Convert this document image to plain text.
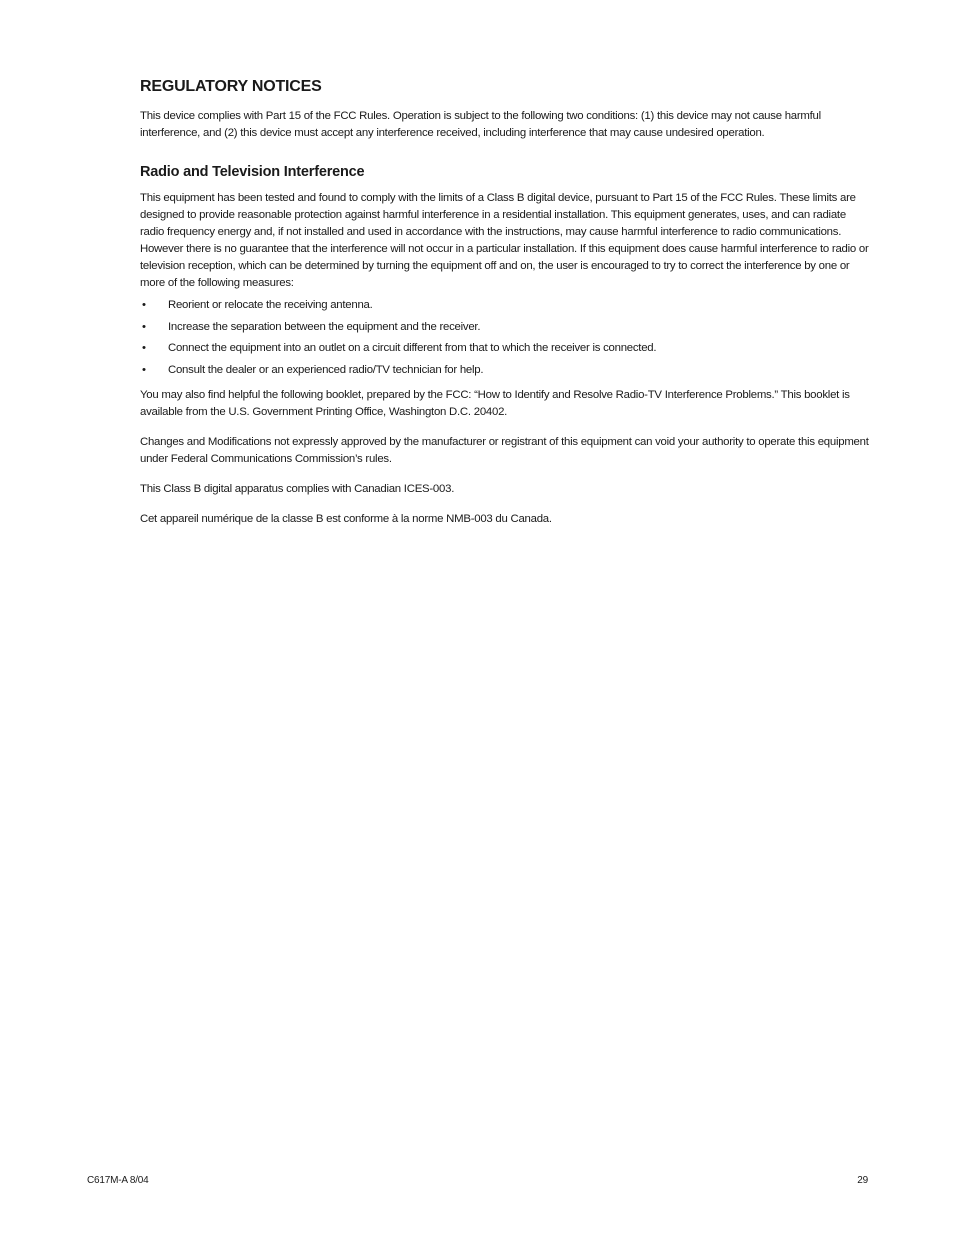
REGULATORY NOTICES

This device complies with Part 15 of the FCC Rules. Operation is subject to the following two conditions: (1) this device may not cause harmful interference, and (2) this device must accept any interference received, including interference that may cause undesired operation.

Radio and Television Interference

This equipment has been tested and found to comply with the limits of a Class B digital device, pursuant to Part 15 of the FCC Rules. These limits are designed to provide reasonable protection against harmful interference in a residential installation. This equipment generates, uses, and can radiate radio frequency energy and, if not installed and used in accordance with the instructions, may cause harmful interference to radio communications. However there is no guarantee that the interference will not occur in a particular installation. If this equipment does cause harmful interference to radio or television reception, which can be determined by turning the equipment off and on, the user is encouraged to try to correct the interference by one or more of the following measures:

• Reorient or relocate the receiving antenna.
• Increase the separation between the equipment and the receiver.
• Connect the equipment into an outlet on a circuit different from that to which the receiver is connected.
• Consult the dealer or an experienced radio/TV technician for help.

You may also find helpful the following booklet, prepared by the FCC: “How to Identify and Resolve Radio-TV Interference Problems.” This booklet is available from the U.S. Government Printing Office, Washington D.C. 20402.

Changes and Modifications not expressly approved by the manufacturer or registrant of this equipment can void your authority to operate this equipment under Federal Communications Commission’s rules.

This Class B digital apparatus complies with Canadian ICES-003.

Cet appareil numérique de la classe B est conforme à la norme NMB-003 du Canada.

C617M-A 8/04	29
